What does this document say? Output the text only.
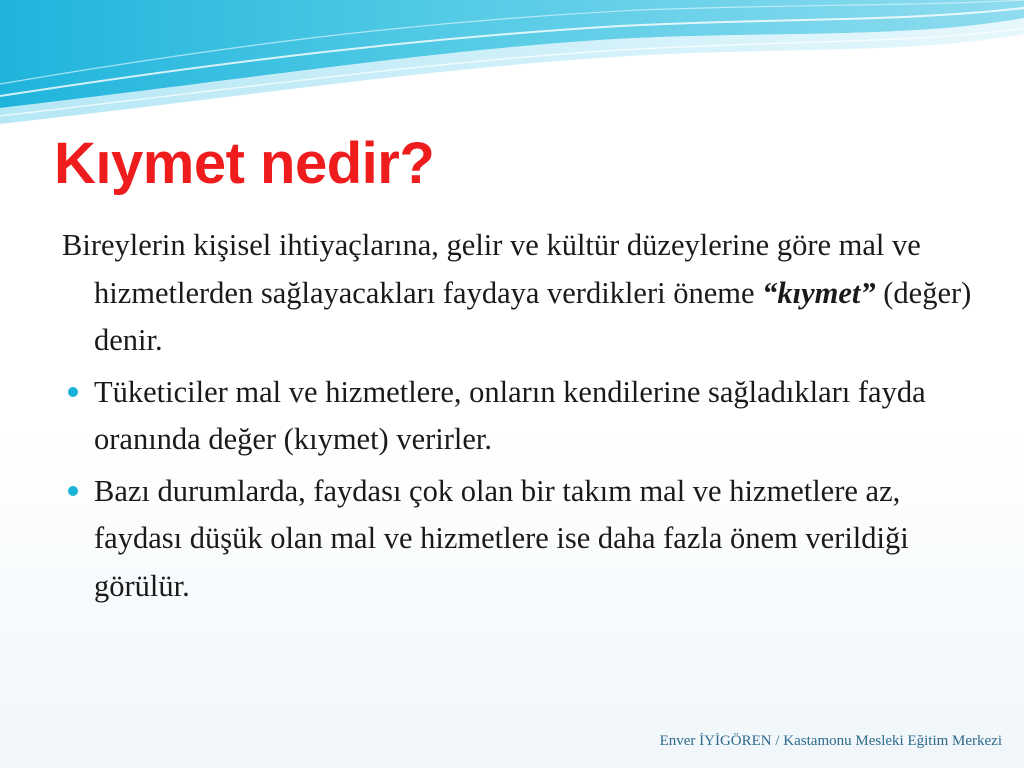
Kıymet nedir?

Bireylerin kişisel ihtiyaçlarına, gelir ve kültür düzeylerine göre mal ve hizmetlerden sağlayacakları faydaya verdikleri öneme “kıymet” (değer) denir.

Tüketiciler mal ve hizmetlere, onların kendilerine sağladıkları fayda oranında değer (kıymet) verirler.

Bazı durumlarda, faydası çok olan bir takım mal ve hizmetlere az, faydası düşük olan mal ve hizmetlere ise daha fazla önem verildiği görülür.

Enver İYİGÖREN / Kastamonu Mesleki Eğitim Merkezi
